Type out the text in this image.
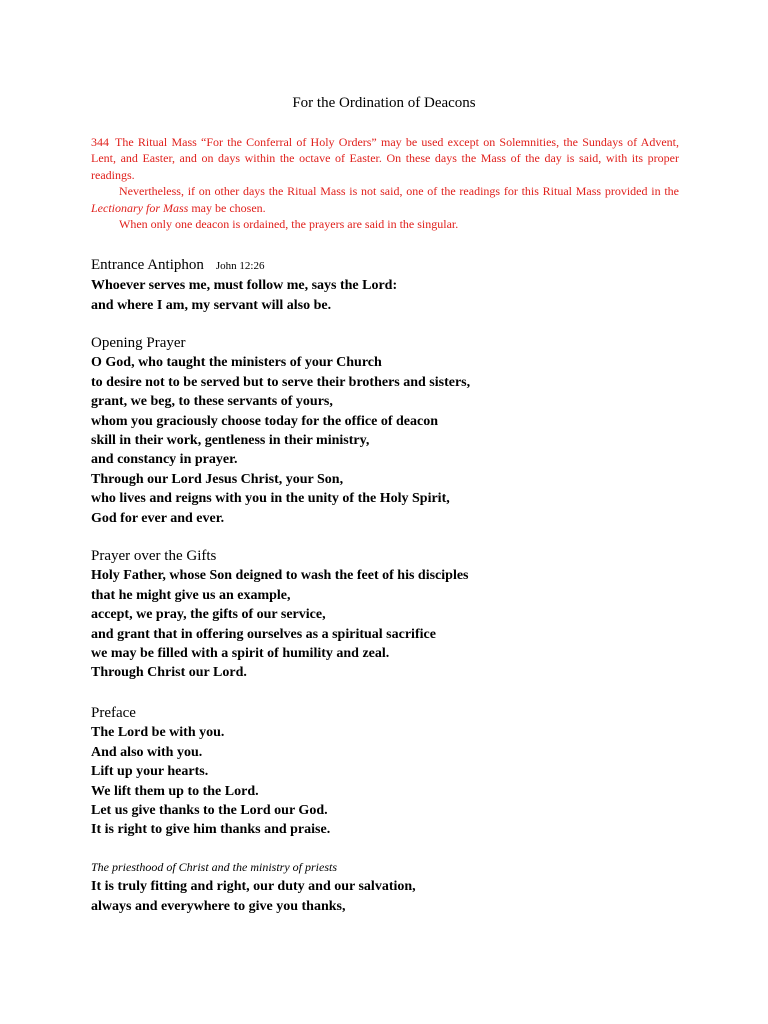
For the Ordination of Deacons

344 The Ritual Mass “For the Conferral of Holy Orders” may be used except on Solemnities, the Sundays of Advent, Lent, and Easter, and on days within the octave of Easter. On these days the Mass of the day is said, with its proper readings.

Nevertheless, if on other days the Ritual Mass is not said, one of the readings for this Ritual Mass provided in the Lectionary for Mass may be chosen.

When only one deacon is ordained, the prayers are said in the singular.

Entrance Antiphon John 12:26
Whoever serves me, must follow me, says the Lord:
and where I am, my servant will also be.
Opening Prayer
O God, who taught the ministers of your Church
to desire not to be served but to serve their brothers and sisters,
grant, we beg, to these servants of yours,
whom you graciously choose today for the office of deacon
skill in their work, gentleness in their ministry,
and constancy in prayer.
Through our Lord Jesus Christ, your Son,
who lives and reigns with you in the unity of the Holy Spirit,
God for ever and ever.
Prayer over the Gifts
Holy Father, whose Son deigned to wash the feet of his disciples
that he might give us an example,
accept, we pray, the gifts of our service,
and grant that in offering ourselves as a spiritual sacrifice
we may be filled with a spirit of humility and zeal.
Through Christ our Lord.
Preface
The Lord be with you.
And also with you.
Lift up your hearts.
We lift them up to the Lord.
Let us give thanks to the Lord our God.
It is right to give him thanks and praise.
The priesthood of Christ and the ministry of priests
It is truly fitting and right, our duty and our salvation,
always and everywhere to give you thanks,
